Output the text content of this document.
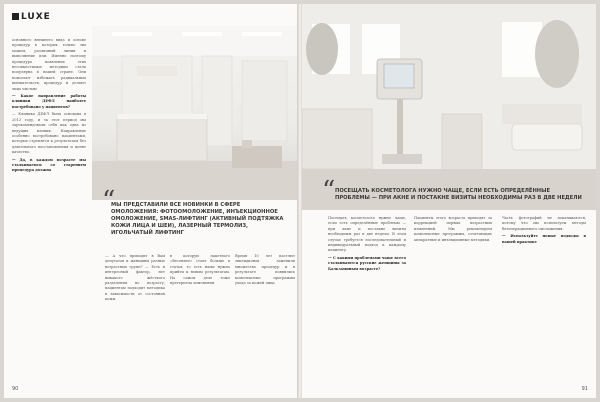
LUXE

основного внешнего вида и основе процедур в которых только мы можем, различный линии и выполнение или. Именно поэтому процедура появление этих несовместимые методики стала популярна в нашей стране. Они помогают избежать радикальных вмешательств, процедур и делают лицо чистым

— Какое направление работы клиники ДЕФЛ наиболее востребовано у пациентов?

— Клиника ДЕФЛ была основана в 2013 году, и за этот период мы зарекомендовали себя как одна из ведущих клиник. Направление особенно востребовано пациентами, которые стремятся к результатам без длительного восстановления и ценят качество.

— Да, в каждом возрасте мы сталкиваемся со старением процедура должна

“
МЫ ПРЕДСТАВИЛИ ВСЕ НОВИНКИ В СФЕРЕ ОМОЛОЖЕНИЯ: ФОТООМОЛОЖЕНИЕ, ИНЪЕКЦИОННОЕ ОМОЛОЖЕНИЕ, SMAS-ЛИФТИНГ (АКТИВНЫЙ ПОДТЯЖКА КОЖИ ЛИЦА И ШЕИ), ЛАЗЕРНЫЙ ТЕРМОЛИЗ, ИГОЛЬЧАТЫЙ ЛИФТИНГ
— А что приходит в Вам депутатов и женщины разные возрастных групп? — Есть и интересный фактор, нет никакого жёсткого разделения по возрасту, пациентам подходит методика в зависимости от состояния кожи.
в которую пакетного «Весеннее» стоит больше в статья, то есть нами нужно прийти к новым результатам. На самом деле тоже претерпела изменения.
Время 10 лет пастлют эвклидионов заменили множество процедур и в результате появились комплексные программы ухода за кожей лица.
90
“ ПОСЕЩАТЬ КОСМЕТОЛОГА НУЖНО ЧАЩЕ, ЕСЛИ ЕСТЬ ОПРЕДЕЛЁННЫЕ ПРОБЛЕМЫ — ПРИ АКНЕ И ПОСТАКНЕ ВИЗИТЫ НЕОБХОДИМЫ РАЗ В ДВЕ НЕДЕЛИ

Посещать косметолога нужно чаще, если есть определённые проблемы — при акне и постакне визиты необходимы раз в две недели. В этом случае требуется последовательный и индивидуальный подход к каждому пациенту.

— С какими проблемами чаще всего сталкиваются русские женщины за Бальзаминым возрасте?

Пациенты этого возраста приходят за коррекцией первых возрастных изменений. Мы рекомендуем комплексные программы, сочетающие аппаратные и инъекционные методики.

Часть фотографий не показываются, потому что мы используем методы безоперационного омоложения.

— Используйте новые подходы в вашей практике

91
